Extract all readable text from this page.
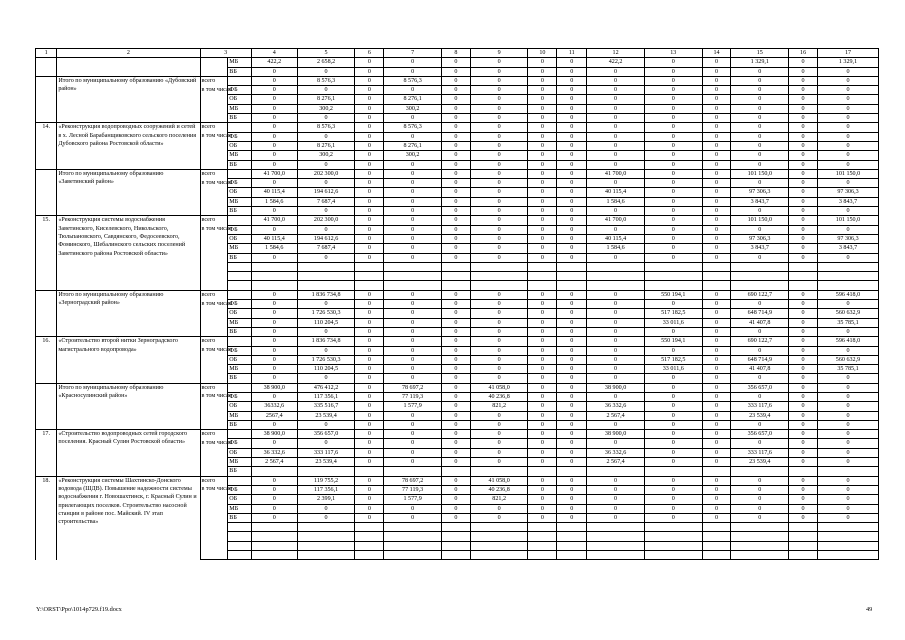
1	2	3		4	5	6	7	8	9	10	11	12	13	14	15	16	17
			МБ	422,2	2 658,2	0	0	0	0	0	0	422,2	0	0	1 329,1	0	1 329,1
			ВБ	0	0	0	0	0	0	0	0	0	0	0	0	0	0
	Итого по муниципальному образованию «Дубовский район»	всего		0	8 576,3	0	8 576,3	0	0	0	0	0	0	0	0	0	0
		в том числе	ФБ	0	0	0	0	0	0	0	0	0	0	0	0	0	0
			ОБ	0	8 276,1	0	8 276,1	0	0	0	0	0	0	0	0	0	0
			МБ	0	300,2	0	300,2	0	0	0	0	0	0	0	0	0	0
			ВБ	0	0	0	0	0	0	0	0	0	0	0	0	0	0
14.	«Реконструкция водопроводных сооружений и сетей в х. Лесной Барабанщиковского сельского поселения Дубовского района Ростовской области»	всего		0	8 576,3	0	8 576,3	0	0	0	0	0	0	0	0	0	0
		в том числе	ФБ	0	0	0	0	0	0	0	0	0	0	0	0	0	0
			ОБ	0	8 276,1	0	8 276,1	0	0	0	0	0	0	0	0	0	0
			МБ	0	300,2	0	300,2	0	0	0	0	0	0	0	0	0	0
			ВБ	0	0	0	0	0	0	0	0	0	0	0	0	0	0
	Итого по муниципальному образованию «Заветинский район»	всего		41 700,0	202 300,0	0	0	0	0	0	0	41 700,0	0	0	101 150,0	0	101 150,0
		в том числе	ФБ	0	0	0	0	0	0	0	0	0	0	0	0	0	0
			ОБ	40 115,4	194 612,6	0	0	0	0	0	0	40 115,4	0	0	97 306,3	0	97 306,3
			МБ	1 584,6	7 687,4	0	0	0	0	0	0	1 584,6	0	0	3 843,7	0	3 843,7
			ВБ	0	0	0	0	0	0	0	0	0	0	0	0	0	0
15.	«Реконструкция системы водоснабжения Заветинского, Киселевского, Никольского, Тюльпановского, Савдянского, Федосеевского, Фоминского, Шебалинского сельских поселений Заветинского района Ростовской области»	всего		41 700,0	202 300,0	0	0	0	0	0	0	41 700,0	0	0	101 150,0	0	101 150,0
		в том числе	ФБ	0	0	0	0	0	0	0	0	0	0	0	0	0	0
			ОБ	40 115,4	194 612,6	0	0	0	0	0	0	40 115,4	0	0	97 306,3	0	97 306,3
			МБ	1 584,6	7 687,4	0	0	0	0	0	0	1 584,6	0	0	3 843,7	0	3 843,7
			ВБ	0	0	0	0	0	0	0	0	0	0	0	0	0	0

	Итого по муниципальному образованию «Зерноградский район»	всего		0	1 836 734,8	0	0	0	0	0	0	0	550 194,1	0	690 122,7	0	596 418,0
		в том числе	ФБ	0	0	0	0	0	0	0	0	0	0	0	0	0	0
			ОБ	0	1 726 530,3	0	0	0	0	0	0	0	517 182,5	0	648 714,9	0	560 632,9
			МБ	0	110 204,5	0	0	0	0	0	0	0	33 011,6	0	41 407,8	0	35 785,1
			ВБ	0	0	0	0	0	0	0	0	0	0	0	0	0	0
16.	«Строительство второй нитки Зерноградского магистрального водопровода»	всего		0	1 836 734,8	0	0	0	0	0	0	0	550 194,1	0	690 122,7	0	596 418,0
		в том числе	ФБ	0	0	0	0	0	0	0	0	0	0	0	0	0	0
			ОБ	0	1 726 530,3	0	0	0	0	0	0	0	517 182,5	0	648 714,9	0	560 632,9
			МБ	0	110 204,5	0	0	0	0	0	0	0	33 011,6	0	41 407,8	0	35 785,1
			ВБ	0	0	0	0	0	0	0	0	0	0	0	0	0	0
	Итого по муниципальному образованию «Красносулинский район»	всего		38 900,0	476 412,2	0	78 697,2	0	41 058,0	0	0	38 900,0	0	0	356 657,0	0	0
		в том числе	ФБ	0	117 356,1	0	77 119,3	0	40 236,8	0	0	0	0	0	0	0	0
			ОБ	36332,6	335 516,7	0	1 577,9	0	821,2	0	0	36 332,6	0	0	333 117,6	0	0
			МБ	2567,4	23 539,4	0	0	0	0	0	0	2 567,4	0	0	23 539,4	0	0
			ВБ	0	0	0	0	0	0	0	0	0	0	0	0	0	0
17.	«Строительство водопроводных сетей городского поселения. Красный Сулин Ростовской области»	всего		38 900,0	356 657,0	0	0	0	0	0	0	38 900,0	0	0	356 657,0	0	0
		в том числе	ФБ	0	0	0	0	0	0	0	0	0	0	0	0	0	0
			ОБ	36 332,6	333 117,6	0	0	0	0	0	0	36 332,6	0	0	333 117,6	0	0
			МБ	2 567,4	23 539,4	0	0	0	0	0	0	2 567,4	0	0	23 539,4	0	0
			ВБ														
18.	«Реконструкция системы Шахтинско-Донского водовода (ШДВ). Повышение надежности системы водоснабжения г. Новошахтинск, г. Красный Сулин и прилегающих поселков. Строительство насосной станции в районе пос. Майский. IV этап строительства»	всего		0	119 755,2	0	78 697,2	0	41 058,0	0	0	0	0	0	0	0	0
		в том числе	ФБ	0	117 356,1	0	77 119,3	0	40 236,8	0	0	0	0	0	0	0	0
			ОБ	0	2 399,1	0	1 577,9	0	821,2	0	0	0	0	0	0	0	0
			МБ	0	0	0	0	0	0	0	0	0	0	0	0	0	0
			ВБ	0	0	0	0	0	0	0	0	0	0	0	0	0	0

Y:\ORST\Ppo\1014p729.f19.docx	49
